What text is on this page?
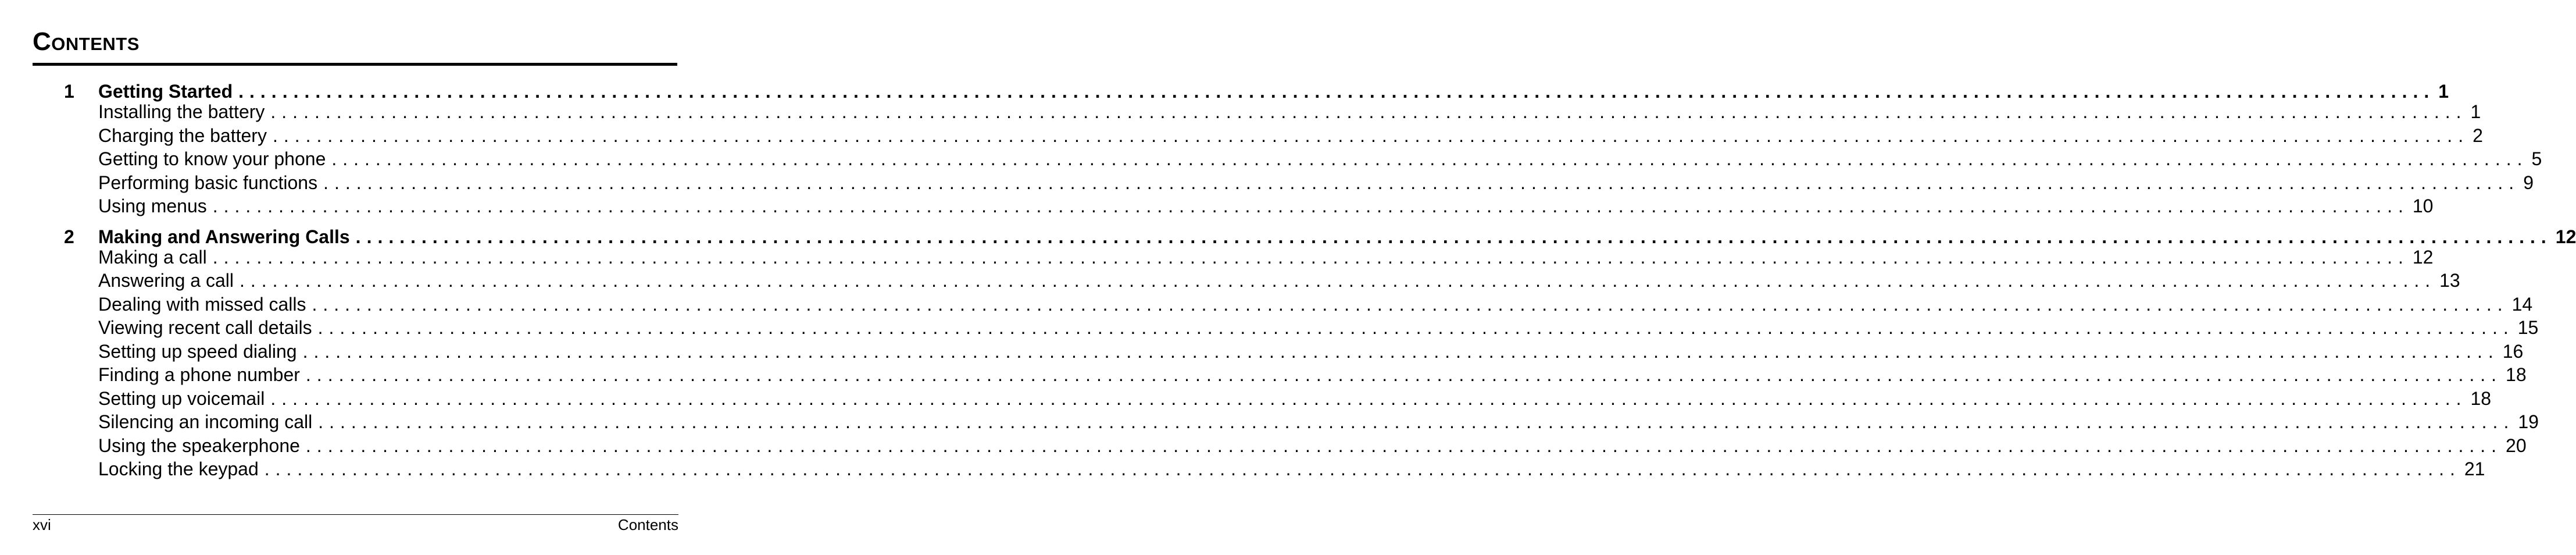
Contents
1	Getting Started ........................................................................................................................................................................................................ 1
Installing the battery ........................................................................................................................................................................................................ 1
Charging the battery ........................................................................................................................................................................................................ 2
Getting to know your phone ........................................................................................................................................................................................................ 5
Performing basic functions ........................................................................................................................................................................................................ 9
Using menus ........................................................................................................................................................................................................ 10
2	Making and Answering Calls ........................................................................................................................................................................................................ 12
Making a call ........................................................................................................................................................................................................ 12
Answering a call ........................................................................................................................................................................................................ 13
Dealing with missed calls ........................................................................................................................................................................................................ 14
Viewing recent call details ........................................................................................................................................................................................................ 15
Setting up speed dialing ........................................................................................................................................................................................................ 16
Finding a phone number ........................................................................................................................................................................................................ 18
Setting up voicemail ........................................................................................................................................................................................................ 18
Silencing an incoming call ........................................................................................................................................................................................................ 19
Using the speakerphone ........................................................................................................................................................................................................ 20
Locking the keypad ........................................................................................................................................................................................................ 21
xvi	Contents
